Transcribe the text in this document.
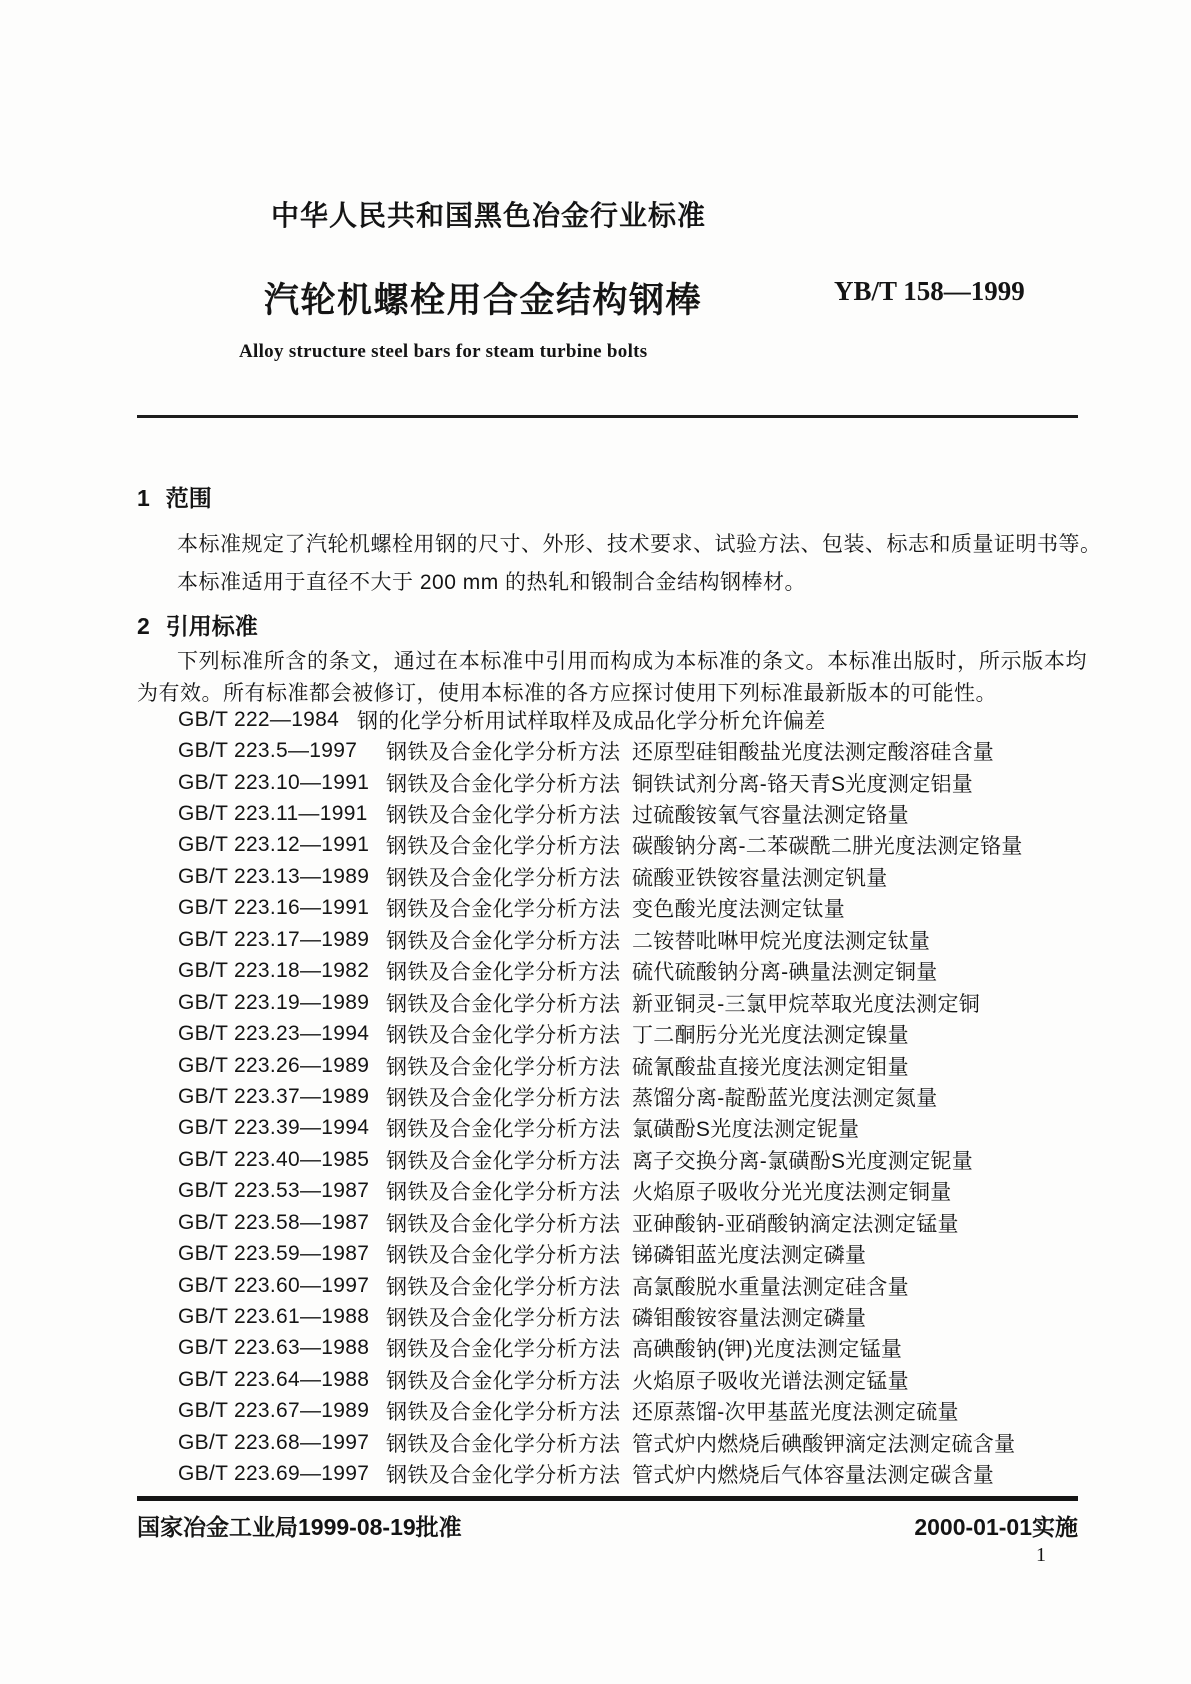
中华人民共和国黑色冶金行业标准
汽轮机螺栓用合金结构钢棒	YB/T 158—1999
Alloy structure steel bars for steam turbine bolts
1 范围
本标准规定了汽轮机螺栓用钢的尺寸、外形、技术要求、试验方法、包装、标志和质量证明书等。
本标准适用于直径不大于 200 mm 的热轧和锻制合金结构钢棒材。
2 引用标准
下列标准所含的条文，通过在本标准中引用而构成为本标准的条文。本标准出版时，所示版本均为有效。所有标准都会被修订，使用本标准的各方应探讨使用下列标准最新版本的可能性。
GB/T 222—1984 钢的化学分析用试样取样及成品化学分析允许偏差
GB/T 223.5—1997	钢铁及合金化学分析方法 还原型硅钼酸盐光度法测定酸溶硅含量
GB/T 223.10—1991 钢铁及合金化学分析方法 铜铁试剂分离-铬天青S光度测定铝量
GB/T 223.11—1991 钢铁及合金化学分析方法 过硫酸铵氧气容量法测定铬量
GB/T 223.12—1991 钢铁及合金化学分析方法 碳酸钠分离-二苯碳酰二肼光度法测定铬量
GB/T 223.13—1989 钢铁及合金化学分析方法 硫酸亚铁铵容量法测定钒量
GB/T 223.16—1991 钢铁及合金化学分析方法 变色酸光度法测定钛量
GB/T 223.17—1989 钢铁及合金化学分析方法 二铵替吡啉甲烷光度法测定钛量
GB/T 223.18—1982 钢铁及合金化学分析方法 硫代硫酸钠分离-碘量法测定铜量
GB/T 223.19—1989 钢铁及合金化学分析方法 新亚铜灵-三氯甲烷萃取光度法测定铜
GB/T 223.23—1994 钢铁及合金化学分析方法 丁二酮肟分光光度法测定镍量
GB/T 223.26—1989 钢铁及合金化学分析方法 硫氰酸盐直接光度法测定钼量
GB/T 223.37—1989 钢铁及合金化学分析方法 蒸馏分离-靛酚蓝光度法测定氮量
GB/T 223.39—1994 钢铁及合金化学分析方法 氯磺酚S光度法测定铌量
GB/T 223.40—1985 钢铁及合金化学分析方法 离子交换分离-氯磺酚S光度测定铌量
GB/T 223.53—1987 钢铁及合金化学分析方法 火焰原子吸收分光光度法测定铜量
GB/T 223.58—1987 钢铁及合金化学分析方法 亚砷酸钠-亚硝酸钠滴定法测定锰量
GB/T 223.59—1987 钢铁及合金化学分析方法 锑磷钼蓝光度法测定磷量
GB/T 223.60—1997 钢铁及合金化学分析方法 高氯酸脱水重量法测定硅含量
GB/T 223.61—1988 钢铁及合金化学分析方法 磷钼酸铵容量法测定磷量
GB/T 223.63—1988 钢铁及合金化学分析方法 高碘酸钠(钾)光度法测定锰量
GB/T 223.64—1988 钢铁及合金化学分析方法 火焰原子吸收光谱法测定锰量
GB/T 223.67—1989 钢铁及合金化学分析方法 还原蒸馏-次甲基蓝光度法测定硫量
GB/T 223.68—1997 钢铁及合金化学分析方法 管式炉内燃烧后碘酸钾滴定法测定硫含量
GB/T 223.69—1997 钢铁及合金化学分析方法 管式炉内燃烧后气体容量法测定碳含量
国家冶金工业局1999-08-19批准	2000-01-01实施
1
